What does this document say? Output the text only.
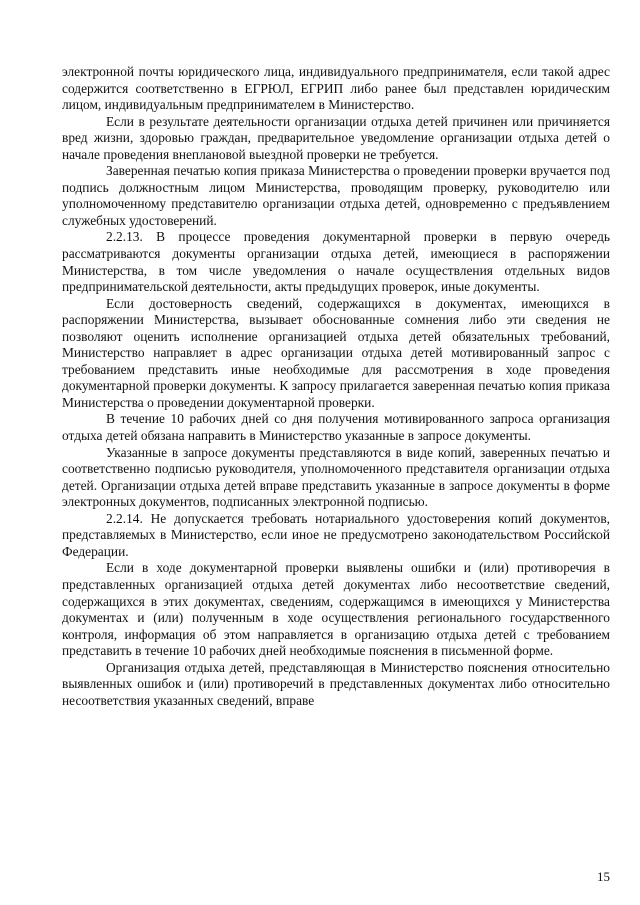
электронной почты юридического лица, индивидуального предпринимателя, если такой адрес содержится соответственно в ЕГРЮЛ, ЕГРИП либо ранее был представлен юридическим лицом, индивидуальным предпринимателем в Министерство.

Если в результате деятельности организации отдыха детей причинен или причиняется вред жизни, здоровью граждан, предварительное уведомление организации отдыха детей о начале проведения внеплановой выездной проверки не требуется.

Заверенная печатью копия приказа Министерства о проведении проверки вручается под подпись должностным лицом Министерства, проводящим проверку, руководителю или уполномоченному представителю организации отдыха детей, одновременно с предъявлением служебных удостоверений.

2.2.13. В процессе проведения документарной проверки в первую очередь рассматриваются документы организации отдыха детей, имеющиеся в распоряжении Министерства, в том числе уведомления о начале осуществления отдельных видов предпринимательской деятельности, акты предыдущих проверок, иные документы.

Если достоверность сведений, содержащихся в документах, имеющихся в распоряжении Министерства, вызывает обоснованные сомнения либо эти сведения не позволяют оценить исполнение организацией отдыха детей обязательных требований, Министерство направляет в адрес организации отдыха детей мотивированный запрос с требованием представить иные необходимые для рассмотрения в ходе проведения документарной проверки документы. К запросу прилагается заверенная печатью копия приказа Министерства о проведении документарной проверки.

В течение 10 рабочих дней со дня получения мотивированного запроса организация отдыха детей обязана направить в Министерство указанные в запросе документы.

Указанные в запросе документы представляются в виде копий, заверенных печатью и соответственно подписью руководителя, уполномоченного представителя организации отдыха детей. Организации отдыха детей вправе представить указанные в запросе документы в форме электронных документов, подписанных электронной подписью.

2.2.14. Не допускается требовать нотариального удостоверения копий документов, представляемых в Министерство, если иное не предусмотрено законодательством Российской Федерации.

Если в ходе документарной проверки выявлены ошибки и (или) противоречия в представленных организацией отдыха детей документах либо несоответствие сведений, содержащихся в этих документах, сведениям, содержащимся в имеющихся у Министерства документах и (или) полученным в ходе осуществления регионального государственного контроля, информация об этом направляется в организацию отдыха детей с требованием представить в течение 10 рабочих дней необходимые пояснения в письменной форме.

Организация отдыха детей, представляющая в Министерство пояснения относительно выявленных ошибок и (или) противоречий в представленных документах либо относительно несоответствия указанных сведений, вправе

15
